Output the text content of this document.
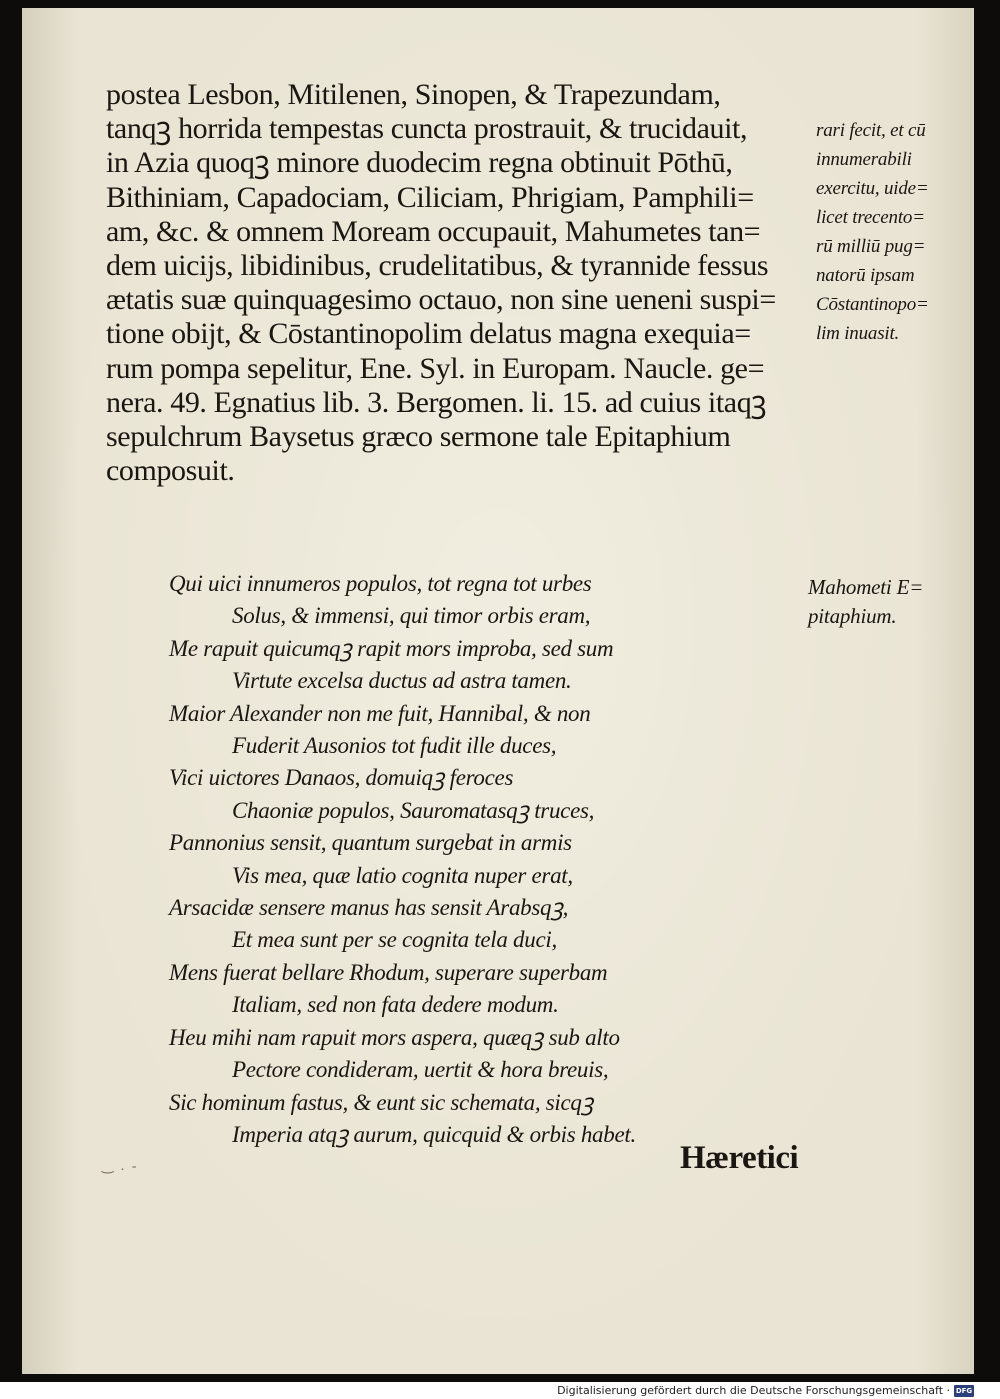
postea Lesbon, Mitilenen, Sinopen, & Trapezundam,
tanqꝫ horrida tempestas cuncta prostrauit, & trucidauit,
in Azia quoqꝫ minore duodecim regna obtinuit Pōthū,
Bithiniam, Capadociam, Ciliciam, Phrigiam, Pamphili=
am, &c. & omnem Moream occupauit, Mahumetes tan=
dem uicijs, libidinibus, crudelitatibus, & tyrannide fessus
ætatis suæ quinquagesimo octauo, non sine ueneni suspi=
tione obijt, & Cōstantinopolim delatus magna exequia=
rum pompa sepelitur, Ene. Syl. in Europam. Naucle. ge=
nera. 49. Egnatius lib. 3. Bergomen. li. 15. ad cuius itaqꝫ
sepulchrum Baysetus græco sermone tale Epitaphium
composuit.
rari fecit, et cū
innumerabili
exercitu, uide=
licet trecento=
rū milliū pug=
natorū ipsam
Cōstantinopo=
lim inuasit.
Qui uici innumeros populos, tot regna tot urbes
Solus, & immensi, qui timor orbis eram,
Me rapuit quicumqꝫ rapit mors improba, sed sum
Virtute excelsa ductus ad astra tamen.
Maior Alexander non me fuit, Hannibal, & non
Fuderit Ausonios tot fudit ille duces,
Vici uictores Danaos, domuiqꝫ feroces
Chaoniæ populos, Sauromatasqꝫ truces,
Pannonius sensit, quantum surgebat in armis
Vis mea, quæ latio cognita nuper erat,
Arsacidæ sensere manus has sensit Arabsqꝫ,
Et mea sunt per se cognita tela duci,
Mens fuerat bellare Rhodum, superare superbam
Italiam, sed non fata dedere modum.
Heu mihi nam rapuit mors aspera, quæqꝫ sub alto
Pectore condideram, uertit & hora breuis,
Sic hominum fastus, & eunt sic schemata, sicqꝫ
Imperia atqꝫ aurum, quicquid & orbis habet.
Mahometi E=
pitaphium.
‿ . -	Hæretici
Digitalisierung gefördert durch die Deutsche Forschungsgemeinschaft · DFG
